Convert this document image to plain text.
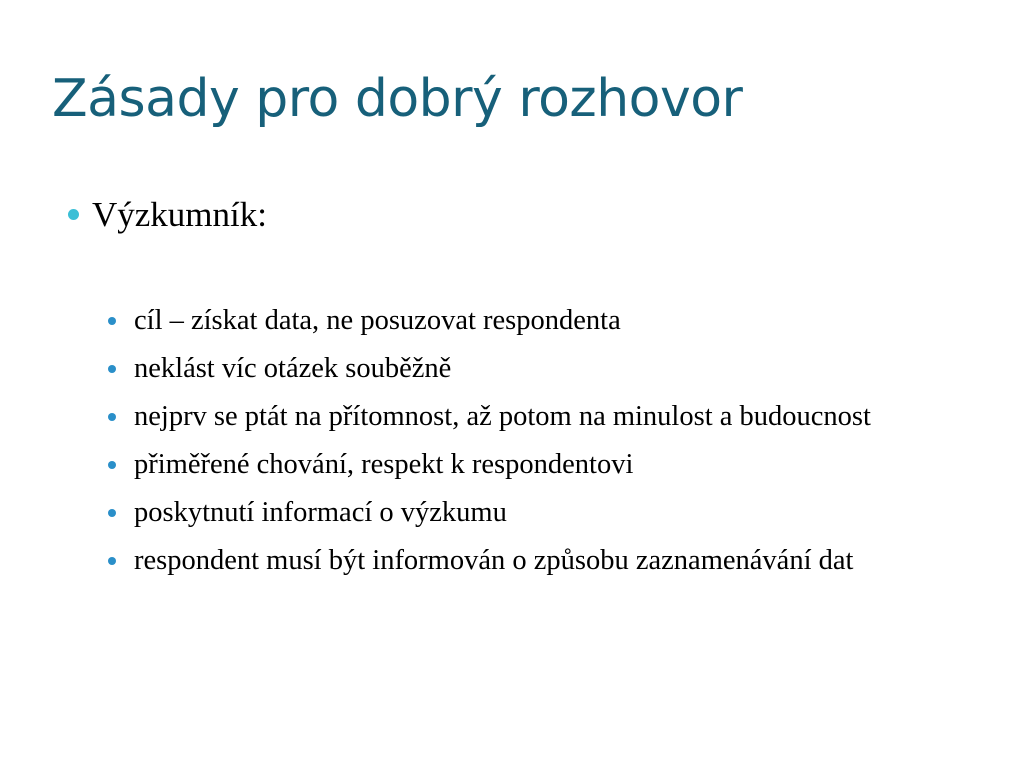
Zásady pro dobrý rozhovor
Výzkumník:
cíl – získat data, ne posuzovat respondenta
neklást víc otázek souběžně
nejprv se ptát na přítomnost, až potom na minulost a budoucnost
přiměřené chování, respekt k respondentovi
poskytnutí informací o výzkumu
respondent musí být informován o způsobu zaznamenávání dat
